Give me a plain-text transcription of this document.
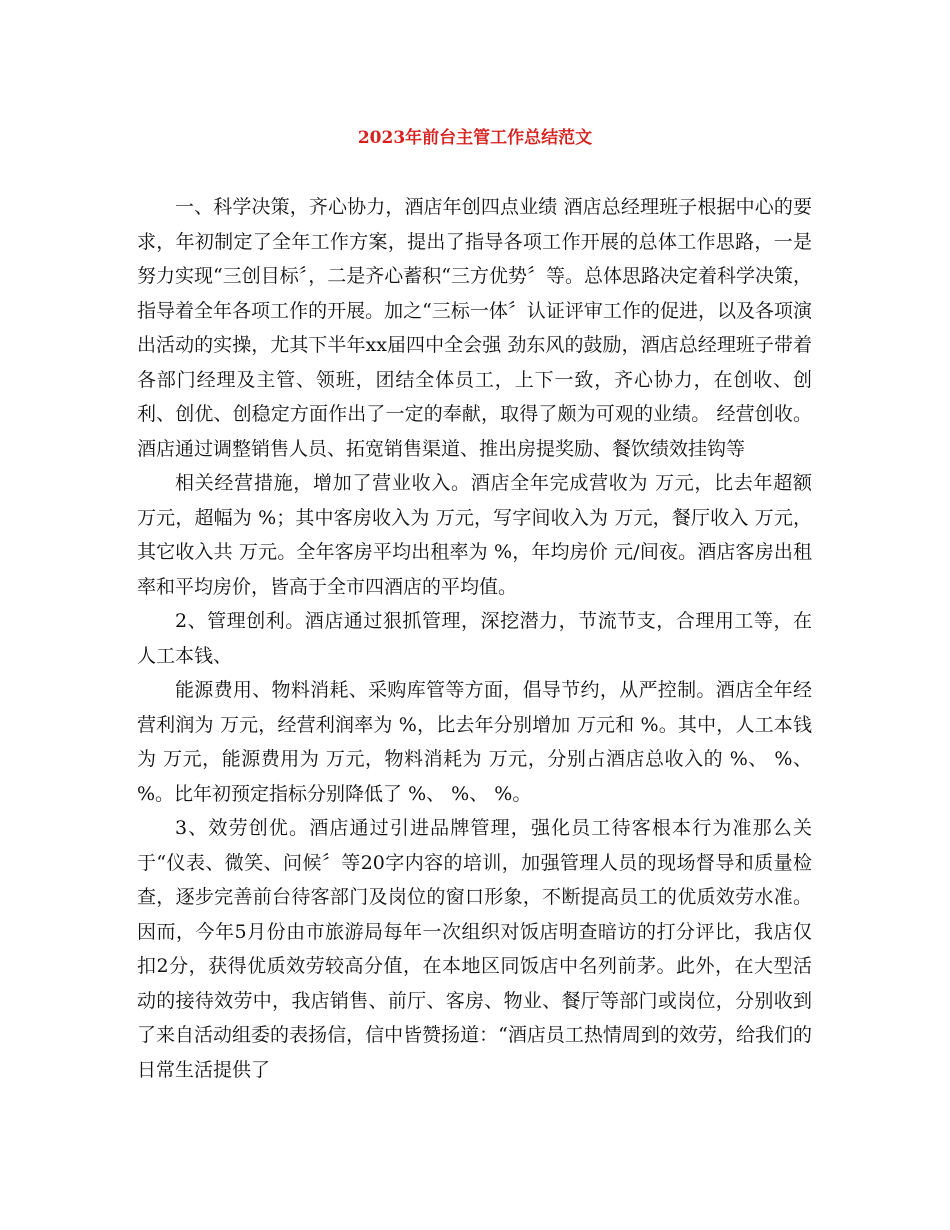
2023年前台主管工作总结范文

一、科学决策，齐心协力，酒店年创四点业绩 酒店总经理班子根据中心的要求，年初制定了全年工作方案，提出了指导各项工作开展的总体工作思路，一是努力实现“三创目标〞，二是齐心蓄积“三方优势〞等。总体思路决定着科学决策，指导着全年各项工作的开展。加之“三标一体〞认证评审工作的促进，以及各项演出活动的实操，尤其下半年xx届四中全会强 劲东风的鼓励，酒店总经理班子带着各部门经理及主管、领班，团结全体员工，上下一致，齐心协力，在创收、创利、创优、创稳定方面作出了一定的奉献，取得了颇为可观的业绩。 经营创收。酒店通过调整销售人员、拓宽销售渠道、推出房提奖励、餐饮绩效挂钩等

相关经营措施，增加了营业收入。酒店全年完成营收为 万元，比去年超额 万元，超幅为 %；其中客房收入为 万元，写字间收入为 万元，餐厅收入 万元，其它收入共 万元。全年客房平均出租率为 %，年均房价 元/间夜。酒店客房出租率和平均房价，皆高于全市四酒店的平均值。

2、管理创利。酒店通过狠抓管理，深挖潜力，节流节支，合理用工等，在人工本钱、

能源费用、物料消耗、采购库管等方面，倡导节约，从严控制。酒店全年经营利润为 万元，经营利润率为 %，比去年分别增加 万元和 %。其中，人工本钱为 万元，能源费用为 万元，物料消耗为 万元，分别占酒店总收入的 %、 %、 %。比年初预定指标分别降低了 %、 %、 %。

3、效劳创优。酒店通过引进品牌管理，强化员工待客根本行为准那么关于“仪表、微笑、问候〞等20字内容的培训，加强管理人员的现场督导和质量检查，逐步完善前台待客部门及岗位的窗口形象，不断提高员工的优质效劳水准。因而，今年5月份由市旅游局每年一次组织对饭店明查暗访的打分评比，我店仅扣2分，获得优质效劳较高分值，在本地区同饭店中名列前茅。此外，在大型活动的接待效劳中，我店销售、前厅、客房、物业、餐厅等部门或岗位，分别收到了来自活动组委的表扬信，信中皆赞扬道：“酒店员工热情周到的效劳，给我们的日常生活提供了
